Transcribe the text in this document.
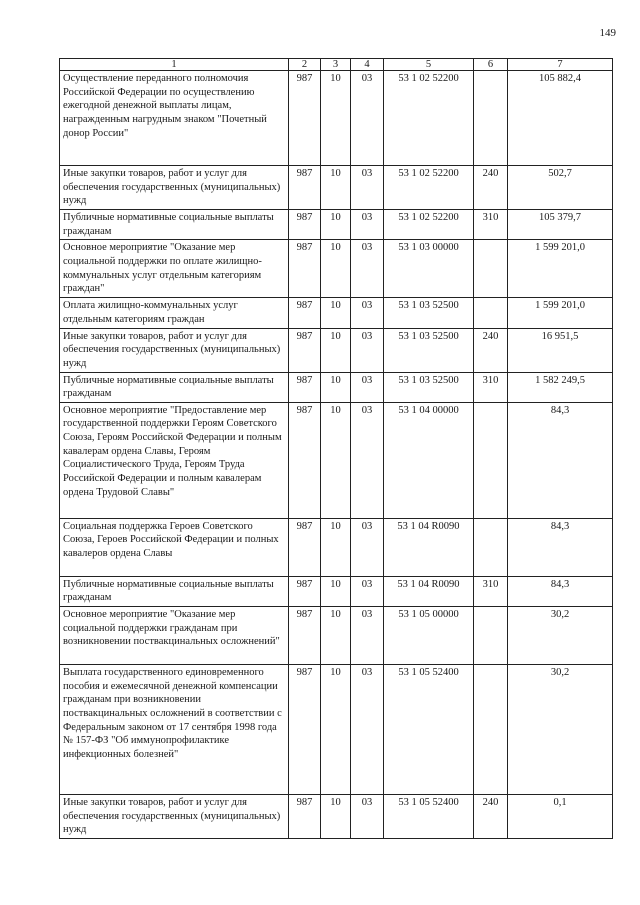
149
1	2	3	4	5	6	7
Осуществление переданного полномочия Российской Федерации по осуществлению ежегодной денежной выплаты лицам, награжденным нагрудным знаком "Почетный донор России"	987	10	03	53 1 02 52200		105 882,4
Иные закупки товаров, работ и услуг для обеспечения государственных (муниципальных) нужд	987	10	03	53 1 02 52200	240	502,7
Публичные нормативные социальные выплаты гражданам	987	10	03	53 1 02 52200	310	105 379,7
Основное мероприятие "Оказание мер социальной поддержки по оплате жилищно-коммунальных услуг отдельным категориям граждан"	987	10	03	53 1 03 00000		1 599 201,0
Оплата жилищно-коммунальных услуг отдельным категориям граждан	987	10	03	53 1 03 52500		1 599 201,0
Иные закупки товаров, работ и услуг для обеспечения государственных (муниципальных) нужд	987	10	03	53 1 03 52500	240	16 951,5
Публичные нормативные социальные выплаты гражданам	987	10	03	53 1 03 52500	310	1 582 249,5
Основное мероприятие "Предоставление мер государственной поддержки Героям Советского Союза, Героям Российской Федерации и полным кавалерам ордена Славы, Героям Социалистического Труда, Героям Труда Российской Федерации и полным кавалерам ордена Трудовой Славы"	987	10	03	53 1 04 00000		84,3
Социальная поддержка Героев Советского Союза, Героев Российской Федерации и полных кавалеров ордена Славы	987	10	03	53 1 04 R0090		84,3
Публичные нормативные социальные выплаты гражданам	987	10	03	53 1 04 R0090	310	84,3
Основное мероприятие "Оказание мер социальной поддержки гражданам при возникновении поствакцинальных осложнений"	987	10	03	53 1 05 00000		30,2
Выплата государственного единовременного пособия и ежемесячной денежной компенсации гражданам при возникновении поствакцинальных осложнений в соответствии с Федеральным законом от 17 сентября 1998 года № 157-ФЗ "Об иммунопрофилактике инфекционных болезней"	987	10	03	53 1 05 52400		30,2
Иные закупки товаров, работ и услуг для обеспечения государственных (муниципальных) нужд	987	10	03	53 1 05 52400	240	0,1
